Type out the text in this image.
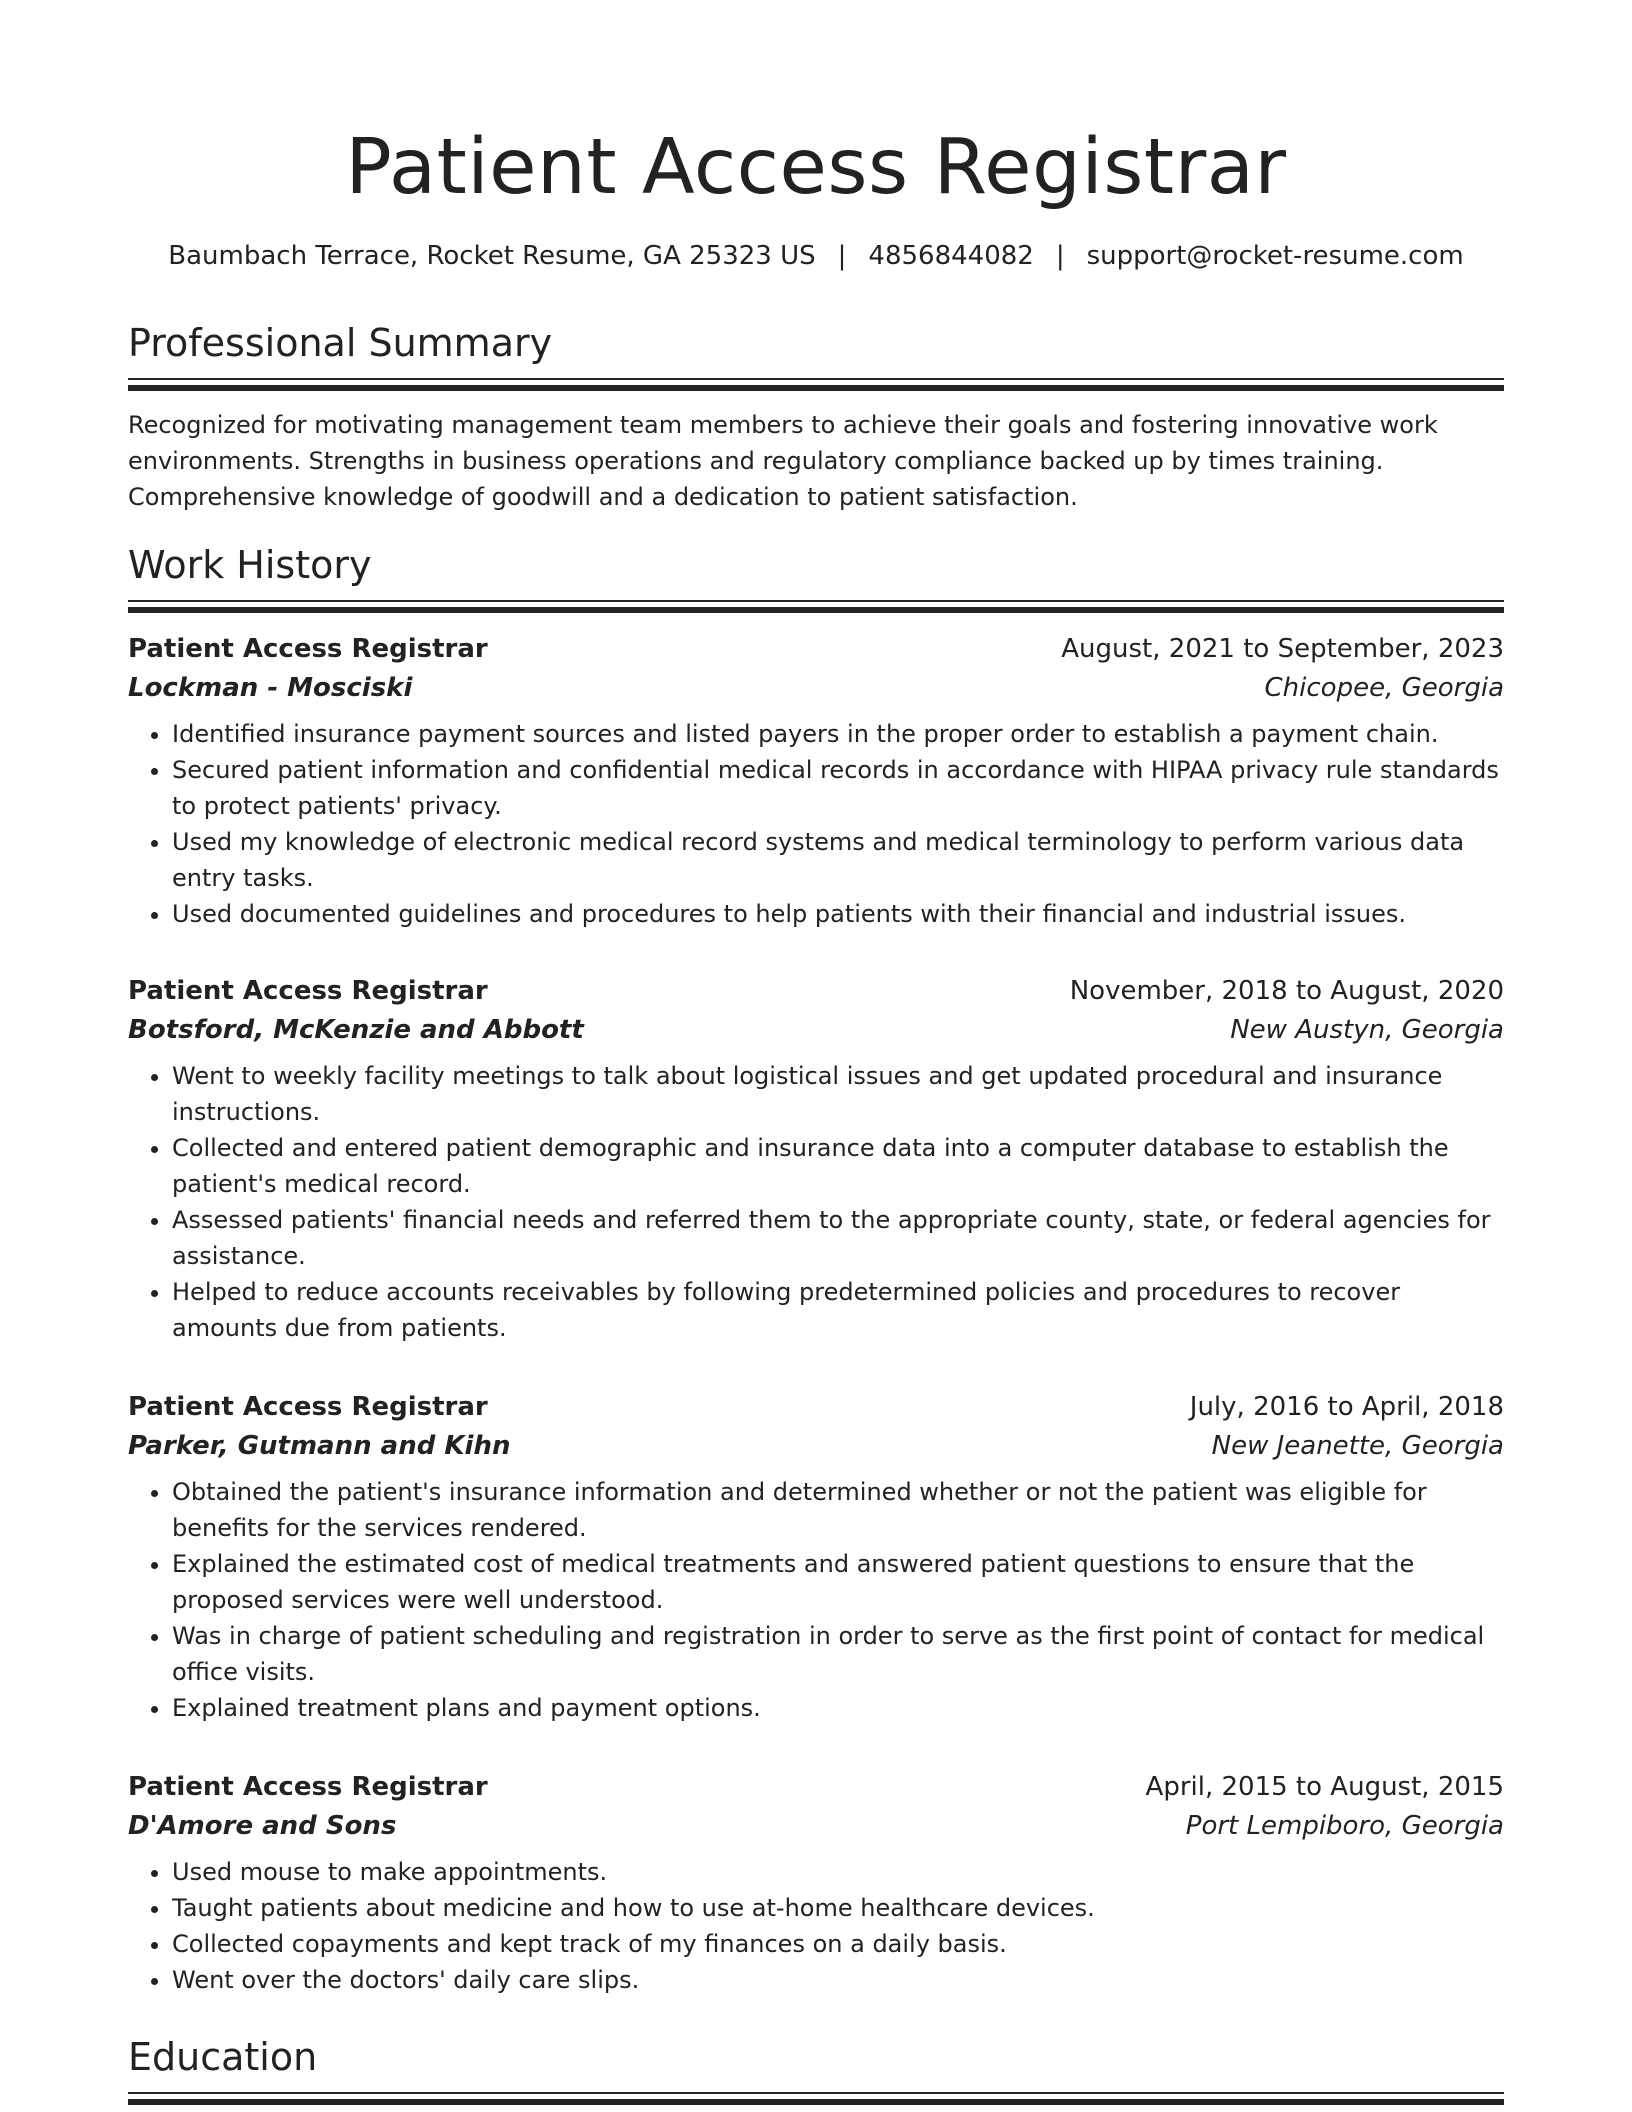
Patient Access Registrar
Baumbach Terrace, Rocket Resume, GA 25323 US | 4856844082 | support@rocket-resume.com
Professional Summary

Recognized for motivating management team members to achieve their goals and fostering innovative work environments. Strengths in business operations and regulatory compliance backed up by times training. Comprehensive knowledge of goodwill and a dedication to patient satisfaction.

Work History
Patient Access Registrar	August, 2021 to September, 2023
Lockman - Mosciski	Chicopee, Georgia
• Identified insurance payment sources and listed payers in the proper order to establish a payment chain.
• Secured patient information and confidential medical records in accordance with HIPAA privacy rule standards to protect patients' privacy.
• Used my knowledge of electronic medical record systems and medical terminology to perform various data entry tasks.
• Used documented guidelines and procedures to help patients with their financial and industrial issues.
Patient Access Registrar	November, 2018 to August, 2020
Botsford, McKenzie and Abbott	New Austyn, Georgia
• Went to weekly facility meetings to talk about logistical issues and get updated procedural and insurance instructions.
• Collected and entered patient demographic and insurance data into a computer database to establish the patient's medical record.
• Assessed patients' financial needs and referred them to the appropriate county, state, or federal agencies for assistance.
• Helped to reduce accounts receivables by following predetermined policies and procedures to recover amounts due from patients.
Patient Access Registrar	July, 2016 to April, 2018
Parker, Gutmann and Kihn	New Jeanette, Georgia
• Obtained the patient's insurance information and determined whether or not the patient was eligible for benefits for the services rendered.
• Explained the estimated cost of medical treatments and answered patient questions to ensure that the proposed services were well understood.
• Was in charge of patient scheduling and registration in order to serve as the first point of contact for medical office visits.
• Explained treatment plans and payment options.
Patient Access Registrar	April, 2015 to August, 2015
D'Amore and Sons	Port Lempiboro, Georgia
• Used mouse to make appointments.
• Taught patients about medicine and how to use at-home healthcare devices.
• Collected copayments and kept track of my finances on a daily basis.
• Went over the doctors' daily care slips.
Education
